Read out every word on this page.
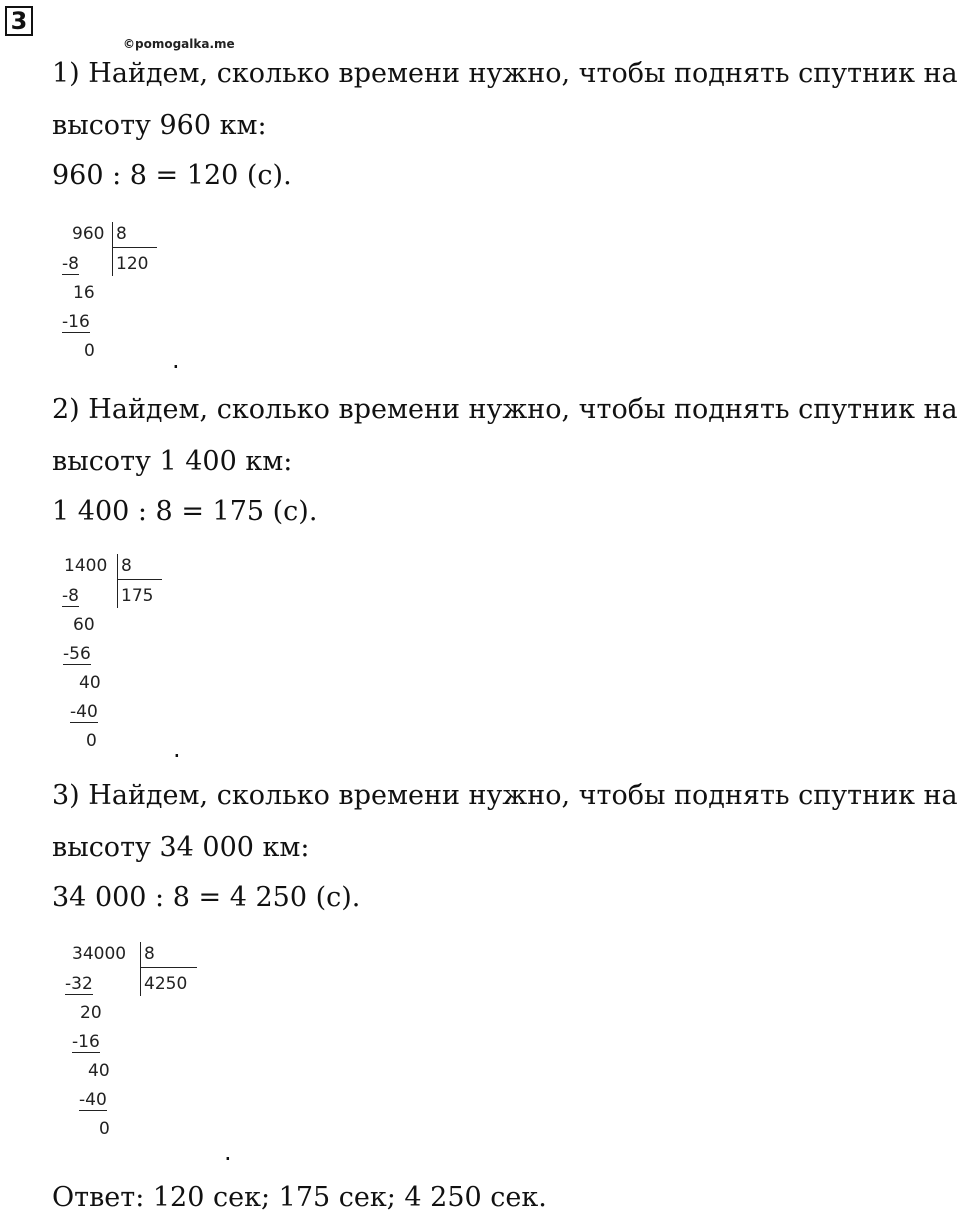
3
©pomogalka.me
1) Найдем, сколько времени нужно, чтобы поднять спутник на
высоту 960 км:
960 : 8 = 120 (с).
960 8
120
-8
16
-16
0	.
2) Найдем, сколько времени нужно, чтобы поднять спутник на
высоту 1 400 км:
1 400 : 8 = 175 (с).
1400 8
175
-8
60
-56
40
-40
0	.
3) Найдем, сколько времени нужно, чтобы поднять спутник на
высоту 34 000 км:
34 000 : 8 = 4 250 (с).
34000 8
4250
-32
20
-16
40
-40
0
.
Ответ: 120 сек; 175 сек; 4 250 сек.
